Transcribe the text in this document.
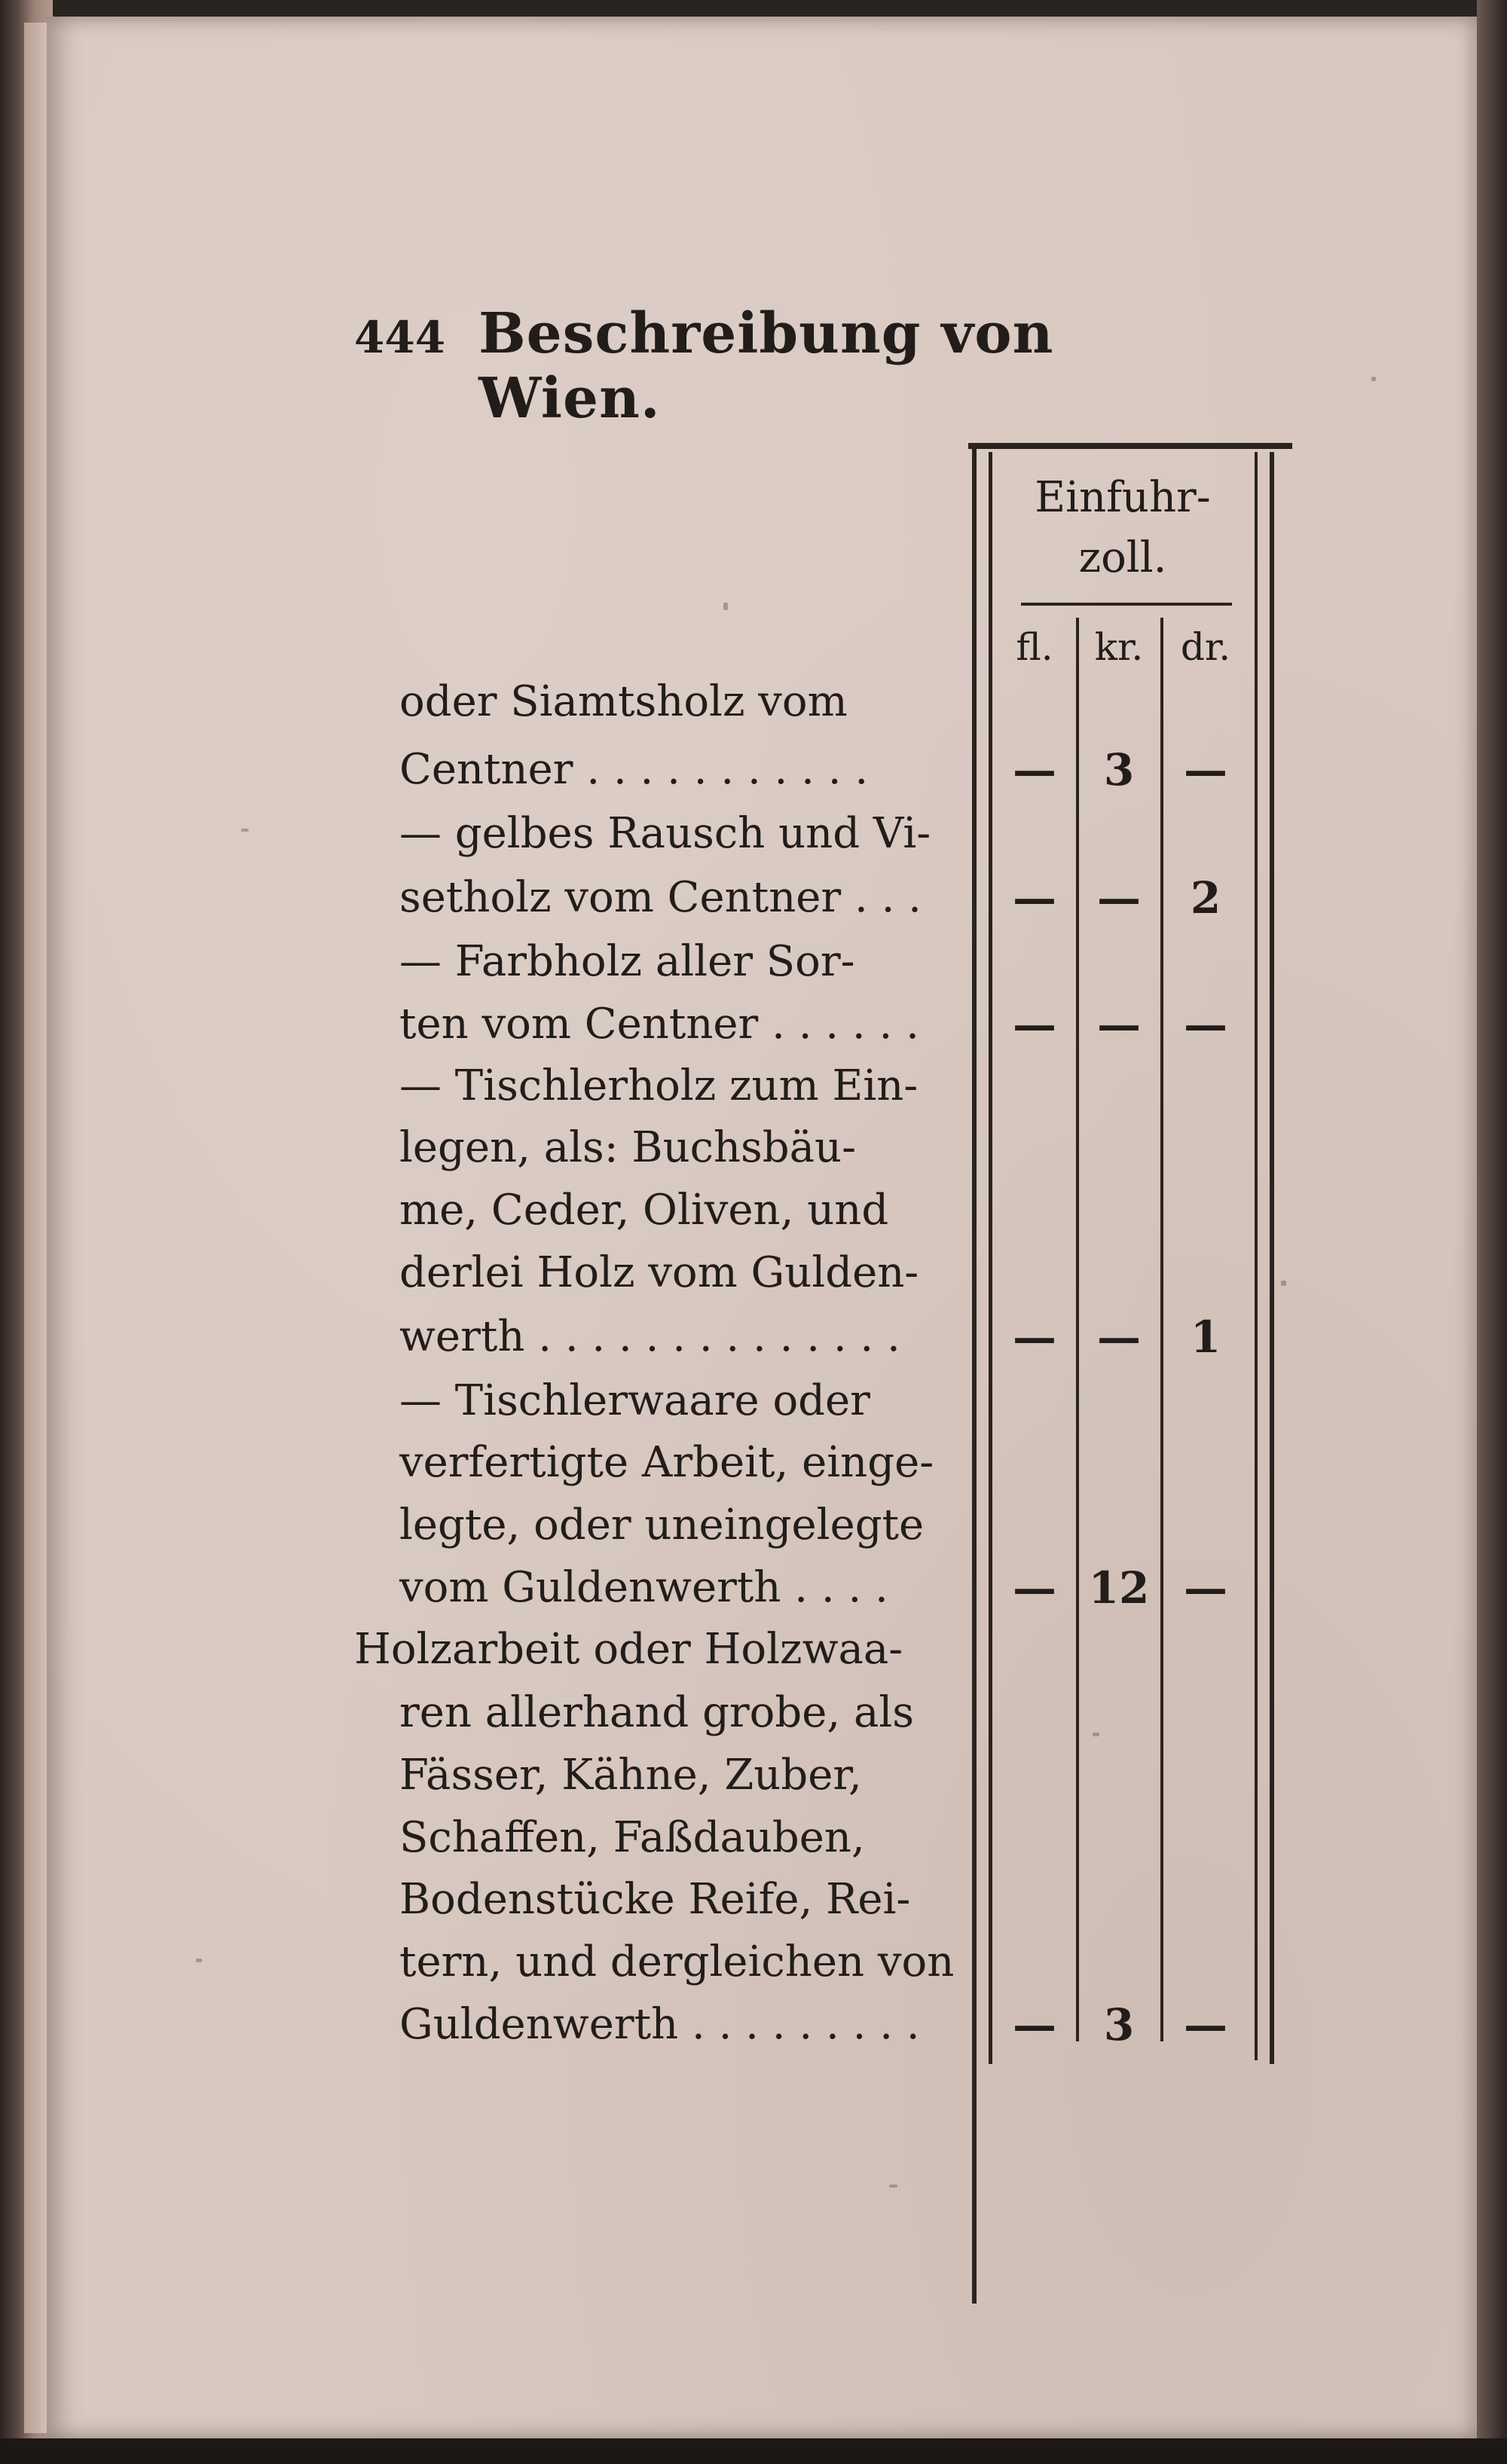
444 Beschreibung von Wien.
Einfuhr-
zoll.
fl.	kr. dr.
oder Siamtsholz vom
Centner . . . . . . . . . . .	—	3	—
— gelbes Rausch und Vi-
setholz vom Centner . . .	— —	2
— Farbholz aller Sor-
ten vom Centner . . . . . .	— — —
— Tischlerholz zum Ein-
legen, als: Buchsbäu-
me, Ceder, Oliven, und
derlei Holz vom Gulden-
werth . . . . . . . . . . . . . .	— —	1
— Tischlerwaare oder
verfertigte Arbeit, einge-
legte, oder uneingelegte
vom Guldenwerth . . . .	— 12 —
Holzarbeit oder Holzwaa-
ren allerhand grobe, als
Fässer, Kähne, Zuber,
Schaffen, Faßdauben,
Bodenstücke Reife, Rei-
tern, und dergleichen von
Guldenwerth . . . . . . . . .	—	3	—
